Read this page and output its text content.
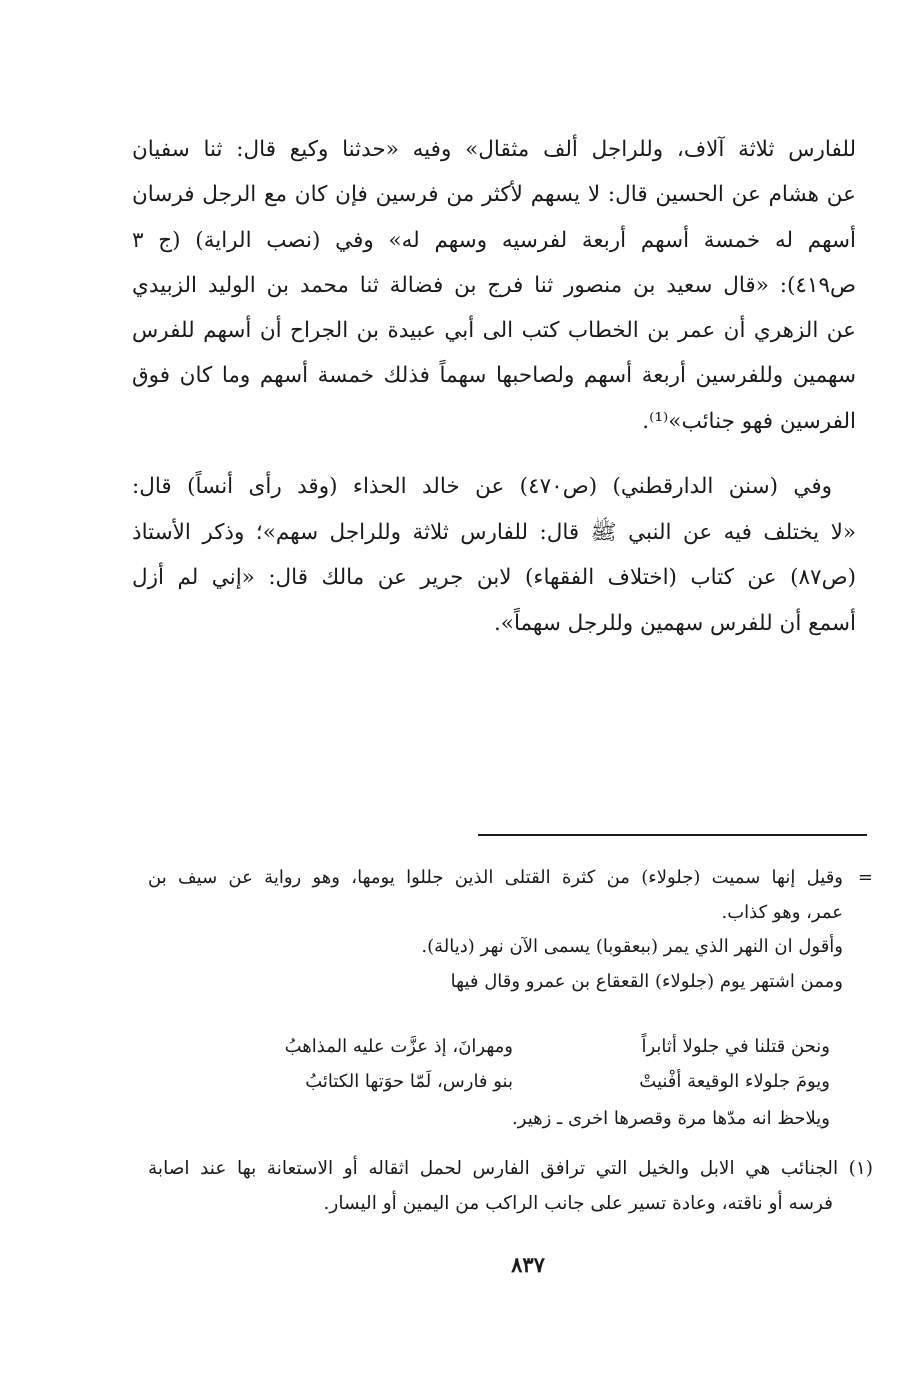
للفارس ثلاثة آلاف، وللراجل ألف مثقال» وفيه «حدثنا وكيع قال: ثنا سفيان
عن هشام عن الحسين قال: لا يسهم لأكثر من فرسين فإن كان مع الرجل فرسان
أسهم له خمسة أسهم أربعة لفرسيه وسهم له» وفي (نصب الراية) (ج ٣
ص٤١٩): «قال سعيد بن منصور ثنا فرج بن فضالة ثنا محمد بن الوليد الزبيدي
عن الزهري أن عمر بن الخطاب كتب الى أبي عبيدة بن الجراح أن أسهم للفرس
سهمين وللفرسين أربعة أسهم ولصاحبها سهماً فذلك خمسة أسهم وما كان فوق
الفرسين فهو جنائب»⁽¹⁾.
وفي (سنن الدارقطني) (ص٤٧٠) عن خالد الحذاء (وقد رأى أنساً) قال:
«لا يختلف فيه عن النبي ﷺ قال: للفارس ثلاثة وللراجل سهم»؛ وذكر الأستاذ
(ص٨٧) عن كتاب (اختلاف الفقهاء) لابن جرير عن مالك قال: «إني لم أزل
أسمع أن للفرس سهمين وللرجل سهماً».
=
وقيل إنها سميت (جلولاء) من كثرة القتلى الذين جللوا يومها، وهو رواية عن سيف بن
عمر، وهو كذاب.
وأقول ان النهر الذي يمر (ببعقوبا) يسمى الآن نهر (ديالة).
وممن اشتهر يوم (جلولاء) القعقاع بن عمرو وقال فيها
ونحن قتلنا في جلولا أثابراً
ومهرانَ، إذ عزَّت عليه المذاهبُ
ويومَ جلولاء الوقيعة أفْنيتْ
بنو فارس، لَمّا حوَتها الكتائبُ
ويلاحظ انه مدّها مرة وقصرها اخرى ـ زهير.
(١) الجنائب هي الابل والخيل التي ترافق الفارس لحمل اثقاله أو الاستعانة بها عند اصابة
فرسه أو ناقته، وعادة تسير على جانب الراكب من اليمين أو اليسار.
٨٣٧
